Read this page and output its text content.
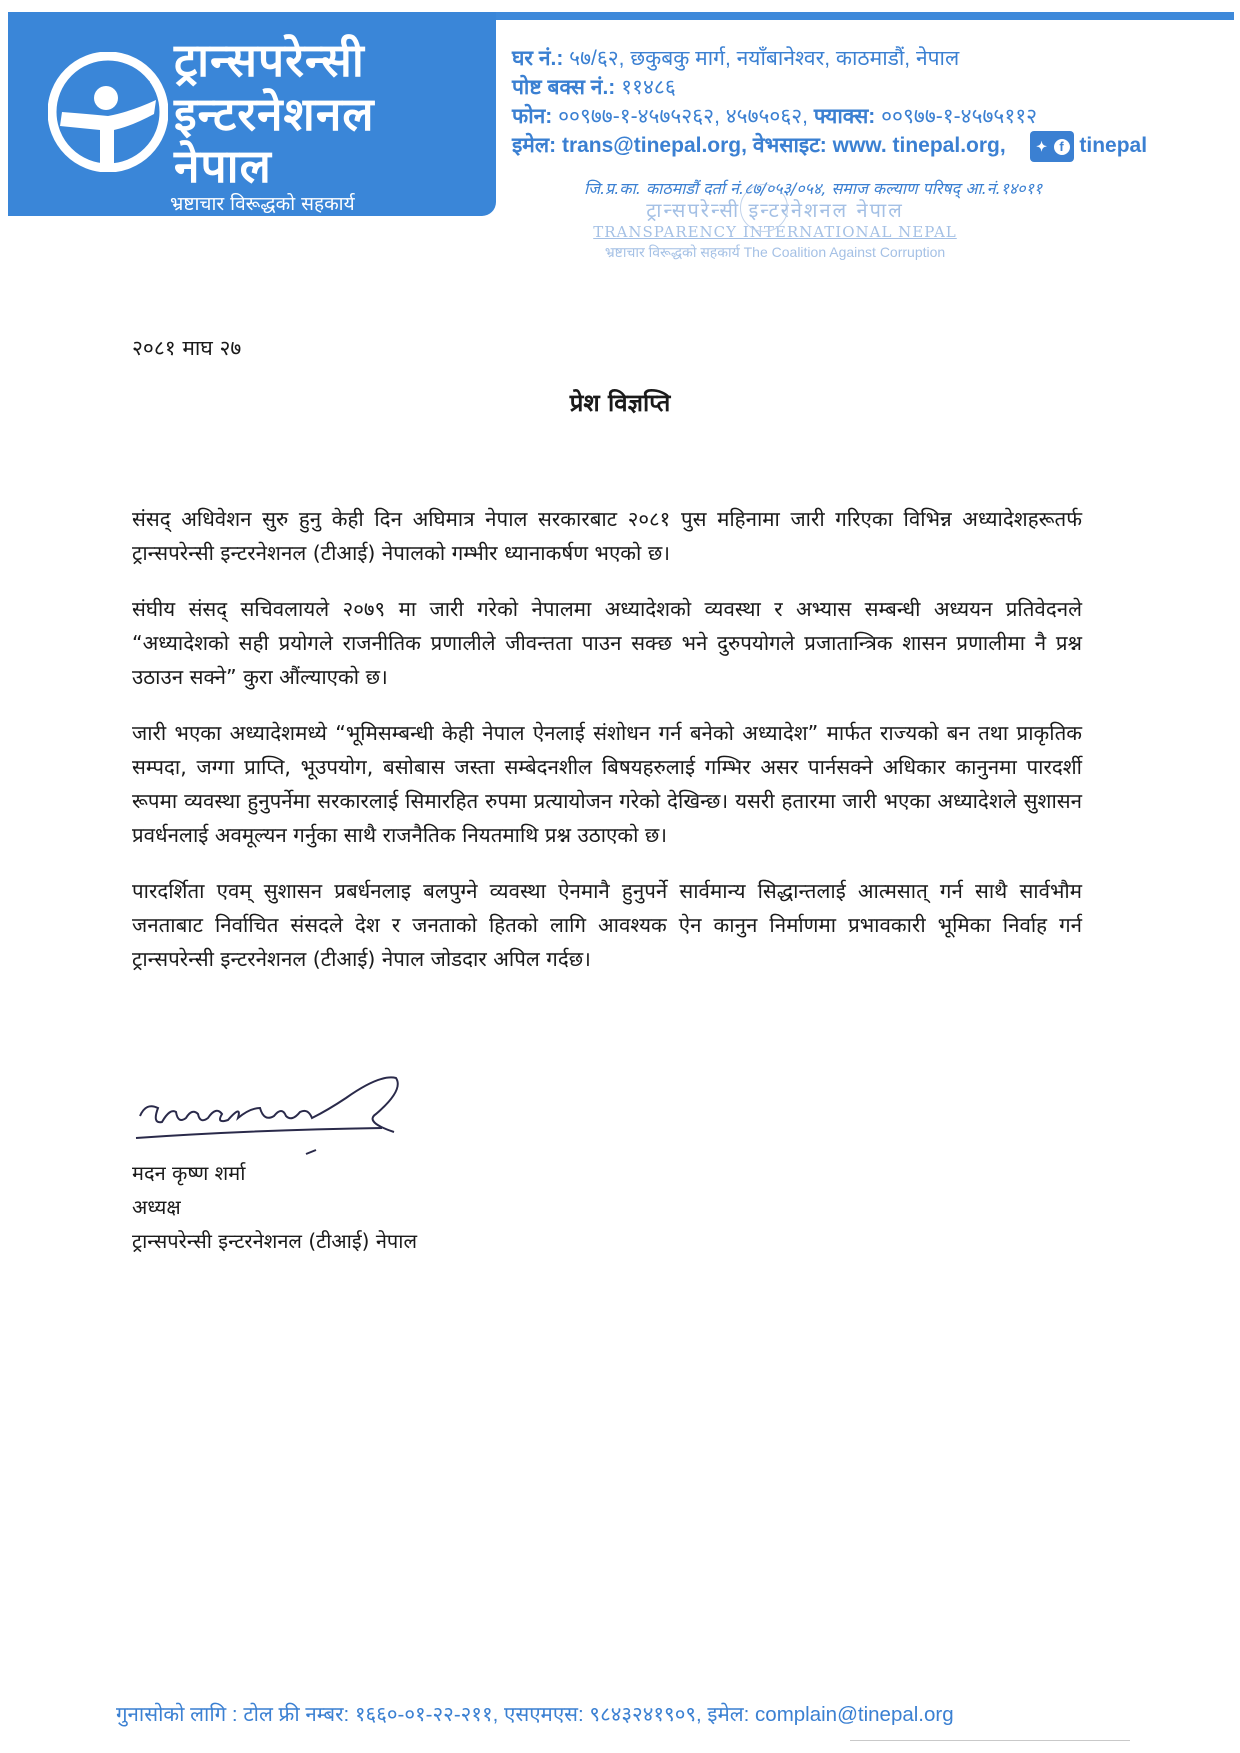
ट्रान्सपरेन्सी
इन्टरनेशनल
नेपाल
भ्रष्टाचार विरूद्धको सहकार्य
घर नं.: ५७/६२, छकुबकु मार्ग, नयाँबानेश्वर, काठमाडौं, नेपाल
पोष्ट बक्स नं.: ११४८६
फोन: ००९७७-१-४५७५२६२, ४५७५०६२, फ्याक्स: ००९७७-१-४५७५११२
इमेल: trans@tinepal.org, वेभसाइट: www. tinepal.org, ✦ f tinepal
जि.प्र.का. काठमाडौं दर्ता नं.८७/०५३/०५४, समाज कल्याण परिषद् आ.नं.१४०११
ट्रान्सपरेन्सी इन्टरनेशनल नेपाल
TRANSPARENCY INTERNATIONAL NEPAL
भ्रष्टाचार विरूद्धको सहकार्य The Coalition Against Corruption
२०८१ माघ २७
प्रेश विज्ञप्ति

संसद् अधिवेशन सुरु हुनु केही दिन अघिमात्र नेपाल सरकारबाट २०८१ पुस महिनामा जारी गरिएका विभिन्न अध्यादेशहरूतर्फ ट्रान्सपरेन्सी इन्टरनेशनल (टीआई) नेपालको गम्भीर ध्यानाकर्षण भएको छ।

संघीय संसद् सचिवलायले २०७९ मा जारी गरेको नेपालमा अध्यादेशको व्यवस्था र अभ्यास सम्बन्धी अध्ययन प्रतिवेदनले “अध्यादेशको सही प्रयोगले राजनीतिक प्रणालीले जीवन्तता पाउन सक्छ भने दुरुपयोगले प्रजातान्त्रिक शासन प्रणालीमा नै प्रश्न उठाउन सक्ने” कुरा औंल्याएको छ।

जारी भएका अध्यादेशमध्ये “भूमिसम्बन्धी केही नेपाल ऐनलाई संशोधन गर्न बनेको अध्यादेश” मार्फत राज्यको बन तथा प्राकृतिक सम्पदा, जग्गा प्राप्ति, भूउपयोग, बसोबास जस्ता सम्बेदनशील बिषयहरुलाई गम्भिर असर पार्नसक्ने अधिकार कानुनमा पारदर्शी रूपमा व्यवस्था हुनुपर्नेमा सरकारलाई सिमारहित रुपमा प्रत्यायोजन गरेको देखिन्छ। यसरी हतारमा जारी भएका अध्यादेशले सुशासन प्रवर्धनलाई अवमूल्यन गर्नुका साथै राजनैतिक नियतमाथि प्रश्न उठाएको छ।

पारदर्शिता एवम् सुशासन प्रबर्धनलाइ बलपुग्ने व्यवस्था ऐनमानै हुनुपर्ने सार्वमान्य सिद्धान्तलाई आत्मसात् गर्न साथै सार्वभौम जनताबाट निर्वाचित संसदले देश र जनताको हितको लागि आवश्यक ऐन कानुन निर्माणमा प्रभावकारी भूमिका निर्वाह गर्न ट्रान्सपरेन्सी इन्टरनेशनल (टीआई) नेपाल जोडदार अपिल गर्दछ।

मदन कृष्ण शर्मा
अध्यक्ष
ट्रान्सपरेन्सी इन्टरनेशनल (टीआई) नेपाल
गुनासोको लागि : टोल फ्री नम्बर: १६६०-०१-२२-२११, एसएमएस: ९८४३२४१९०९, इमेल: complain@tinepal.org
